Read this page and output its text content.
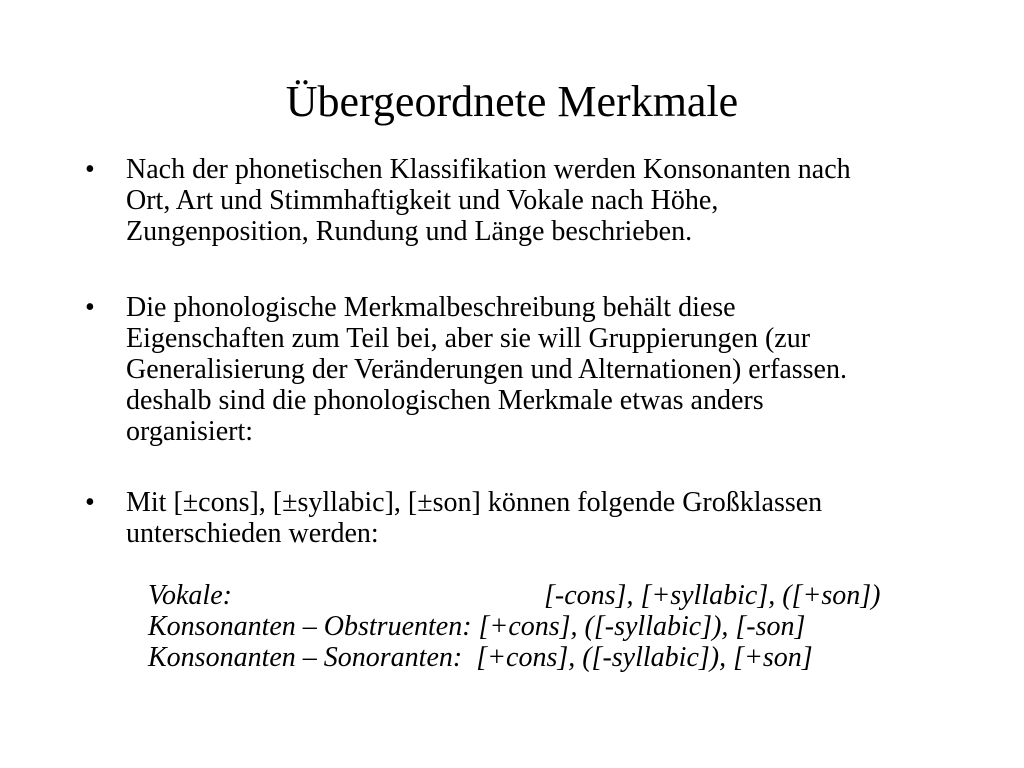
Übergeordnete Merkmale
• Nach der phonetischen Klassifikation werden Konsonanten nach
Ort, Art und Stimmhaftigkeit und Vokale nach Höhe,
Zungenposition, Rundung und Länge beschrieben.
• Die phonologische Merkmalbeschreibung behält diese
Eigenschaften zum Teil bei, aber sie will Gruppierungen (zur
Generalisierung der Veränderungen und Alternationen) erfassen.
deshalb sind die phonologischen Merkmale etwas anders
organisiert:
• Mit [±cons], [±syllabic], [±son] können folgende Großklassen
unterschieden werden:
Vokale:	[-cons], [+syllabic], ([+son])
Konsonanten – Obstruenten: [+cons], ([-syllabic]), [-son]
Konsonanten – Sonoranten: [+cons], ([-syllabic]), [+son]
